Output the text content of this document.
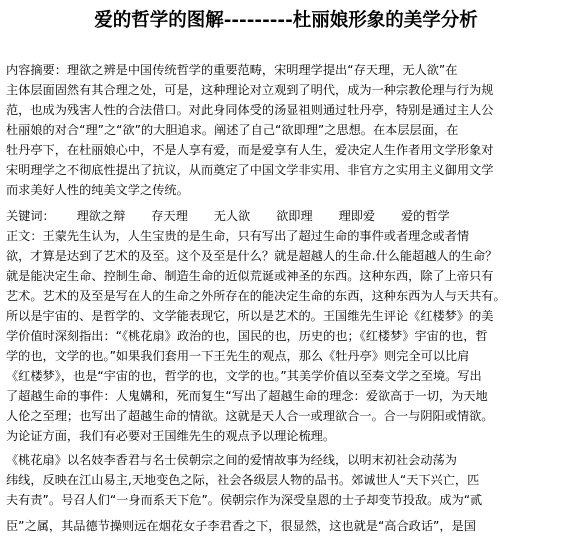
爱的哲学的图解---------杜丽娘形象的美学分析
内容摘要：理欲之辨是中国传统哲学的重要范畴，宋明理学提出“存天理，无人欲”在
主体层面固然有其合理之处，可是，这种理论对立观到了明代，成为一种宗教伦理与行为规
范，也成为残害人性的合法借口。对此身同体受的汤显祖则通过牡丹亭，特别是通过主人公
杜丽娘的对合“理”之“欲”的大胆追求。阐述了自己“欲即理”之思想。在本层层面，在
牡丹亭下，在杜丽娘心中，不是人享有爱，而是爱享有人生，爱决定人生作者用文学形象对
宋明理学之不彻底性提出了抗议，从而奠定了中国文学非实用、非官方之实用主义御用文学
而求美好人性的纯美文学之传统。
关键词： 理欲之辩 存天理 无人欲 欲即理 理即爱 爱的哲学
正文：王蒙先生认为，人生宝贵的是生命，只有写出了超过生命的事件或者理念或者情
欲，才算是达到了艺术的及至。这个及至是什么？就是超越人的生命.什么能超越人的生命？
就是能决定生命、控制生命、制造生命的近似荒诞或神圣的东西。这种东西，除了上帝只有
艺术。艺术的及至是写在人的生命之外所存在的能决定生命的东西，这种东西为人与天共有。
所以是宇宙的、是哲学的、文学能表现它，所以是艺术的。王国维先生评论《红楼梦》的美
学价值时深刻指出：“《桃花扇》政治的也，国民的也，历史的也；《红楼梦》宇宙的也，哲
学的也，文学的也。”如果我们套用一下王先生的观点，那么《牡丹亭》则完全可以比肩
《红楼梦》，也是“宇宙的也，哲学的也，文学的也。”其美学价值以至奏文学之至境。写出
了超越生命的事件：人鬼媾和，死而复生“写出了超越生命的理念：爱欲高于一切，为天地
人伦之至理；也写出了超越生命的情欲。这就是天人合一或理欲合一。合一与阴阳或情欲。
为论证方面，我们有必要对王国维先生的观点予以理论梳理。
《桃花扇》以名妓李香君与名士侯朝宗之间的爱情故事为经线，以明末初社会动荡为
纬线，反映在江山易主,天地变色之际，社会各级层人物的品书。郊诚世人“天下兴亡，匹
夫有责”。号召人们“一身而系天下危”。侯朝宗作为深受皇恩的士子却变节投敌。成为“贰
臣”之属，其品德节操则远在烟花女子李君香之下，很显然，这也就是“高合政话”，是国
